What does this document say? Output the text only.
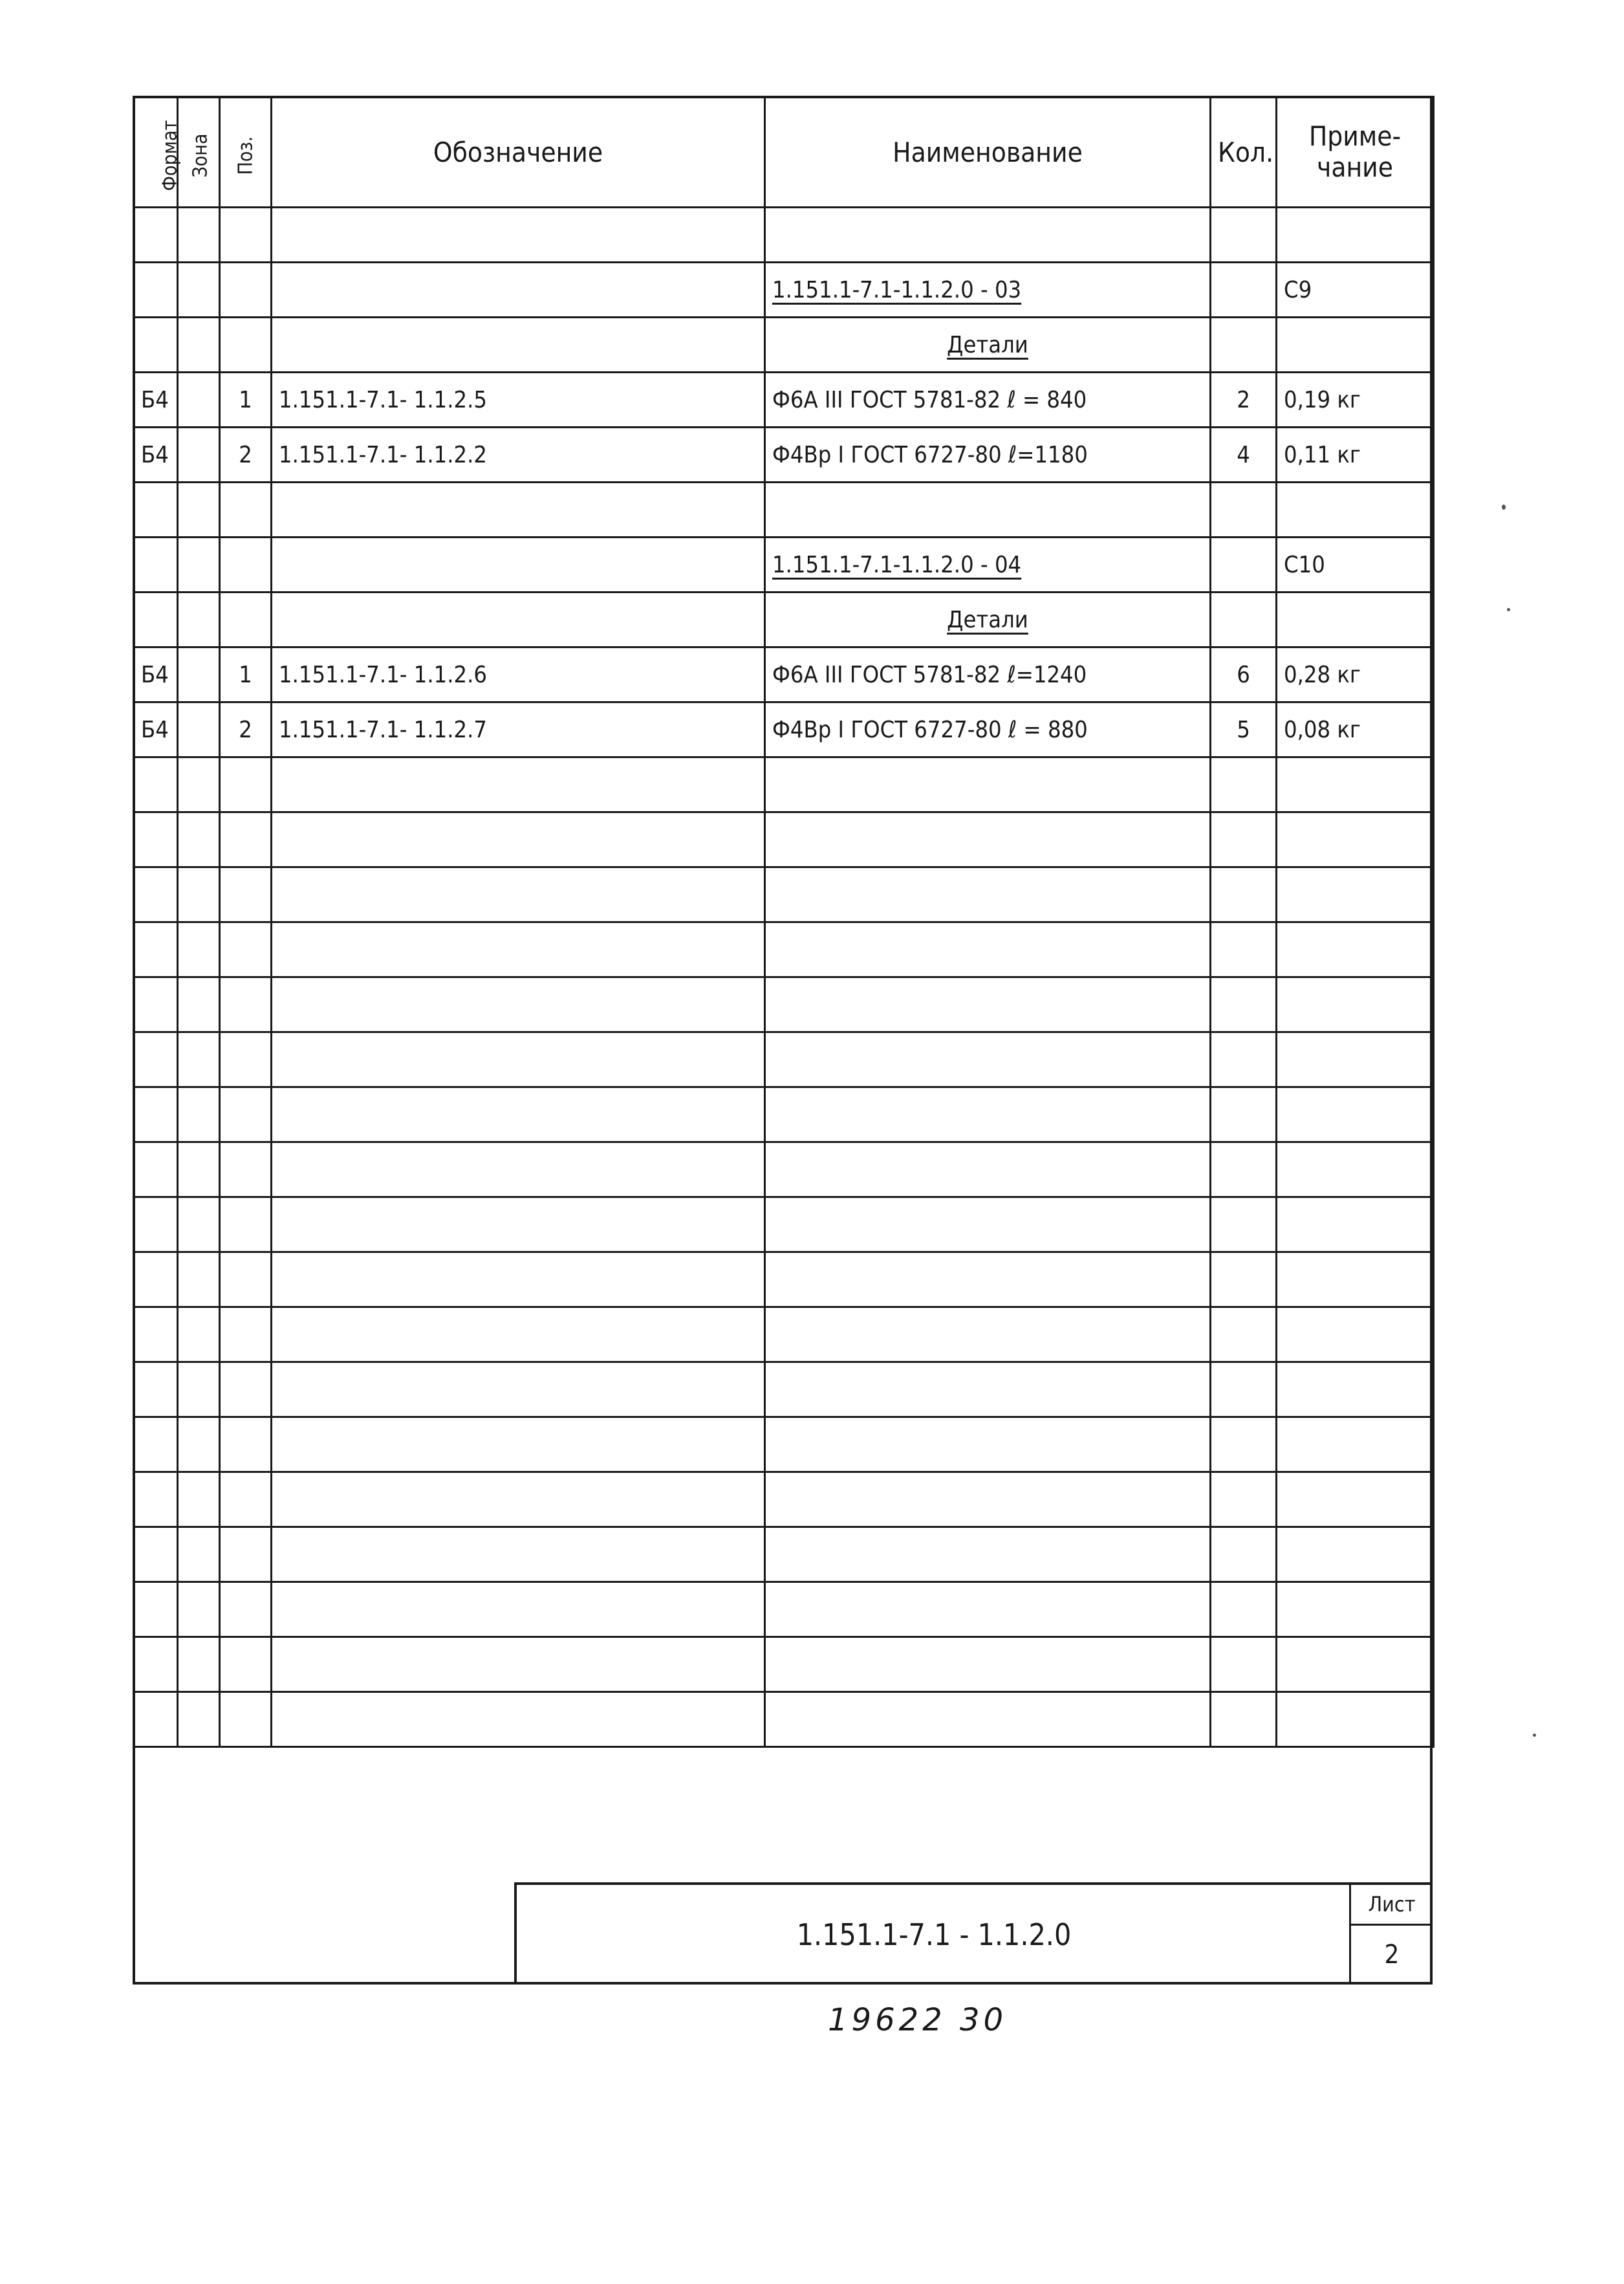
Формат	Зона	Поз.	Обозначение	Наименование	Кол.	Приме-
чание

				1.151.1-7.1-1.1.2.0 - 03		С9
				Детали		
Б4		1	1.151.1-7.1- 1.1.2.5	Ф6А III ГОСТ 5781-82 ℓ = 840	2	0,19 кг
Б4		2	1.151.1-7.1- 1.1.2.2	Ф4Вр I ГОСТ 6727-80 ℓ=1180	4	0,11 кг

				1.151.1-7.1-1.1.2.0 - 04		С10
				Детали		
Б4		1	1.151.1-7.1- 1.1.2.6	Ф6А III ГОСТ 5781-82 ℓ=1240	6	0,28 кг
Б4		2	1.151.1-7.1- 1.1.2.7	Ф4Вр I ГОСТ 6727-80 ℓ = 880	5	0,08 кг

1.151.1-7.1 - 1.1.2.0
Лист
2
19622 30
